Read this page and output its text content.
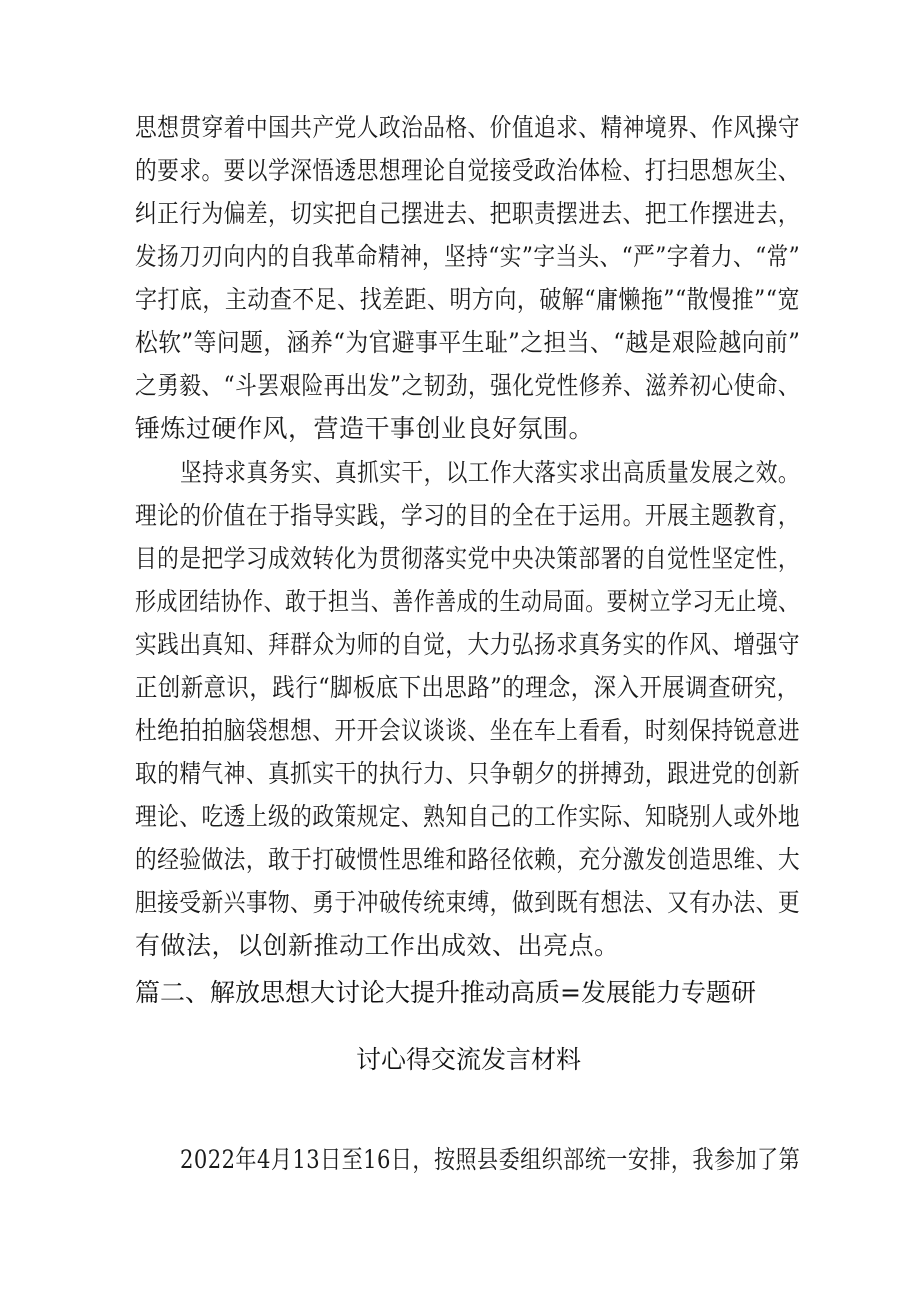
思想贯穿着中国共产党人政治品格、价值追求、精神境界、作风操守
的要求。要以学深悟透思想理论自觉接受政治体检、打扫思想灰尘、
纠正行为偏差，切实把自己摆进去、把职责摆进去、把工作摆进去，
发扬刀刃向内的自我革命精神，坚持“实”字当头、“严”字着力、“常”
字打底，主动查不足、找差距、明方向，破解“庸懒拖”“散慢推”“宽
松软”等问题，涵养“为官避事平生耻”之担当、“越是艰险越向前”
之勇毅、“斗罢艰险再出发”之韧劲，强化党性修养、滋养初心使命、
锤炼过硬作风，营造干事创业良好氛围。
坚持求真务实、真抓实干，以工作大落实求出高质量发展之效。
理论的价值在于指导实践，学习的目的全在于运用。开展主题教育，
目的是把学习成效转化为贯彻落实党中央决策部署的自觉性坚定性，
形成团结协作、敢于担当、善作善成的生动局面。要树立学习无止境、
实践出真知、拜群众为师的自觉，大力弘扬求真务实的作风、增强守
正创新意识，践行“脚板底下出思路”的理念，深入开展调查研究，
杜绝拍拍脑袋想想、开开会议谈谈、坐在车上看看，时刻保持锐意进
取的精气神、真抓实干的执行力、只争朝夕的拼搏劲，跟进党的创新
理论、吃透上级的政策规定、熟知自己的工作实际、知晓别人或外地
的经验做法，敢于打破惯性思维和路径依赖，充分激发创造思维、大
胆接受新兴事物、勇于冲破传统束缚，做到既有想法、又有办法、更
有做法，以创新推动工作出成效、出亮点。
篇二、解放思想大讨论大提升推动高质=发展能力专题研
讨心得交流发言材料
2022年4月13日至16日，按照县委组织部统一安排，我参加了第
